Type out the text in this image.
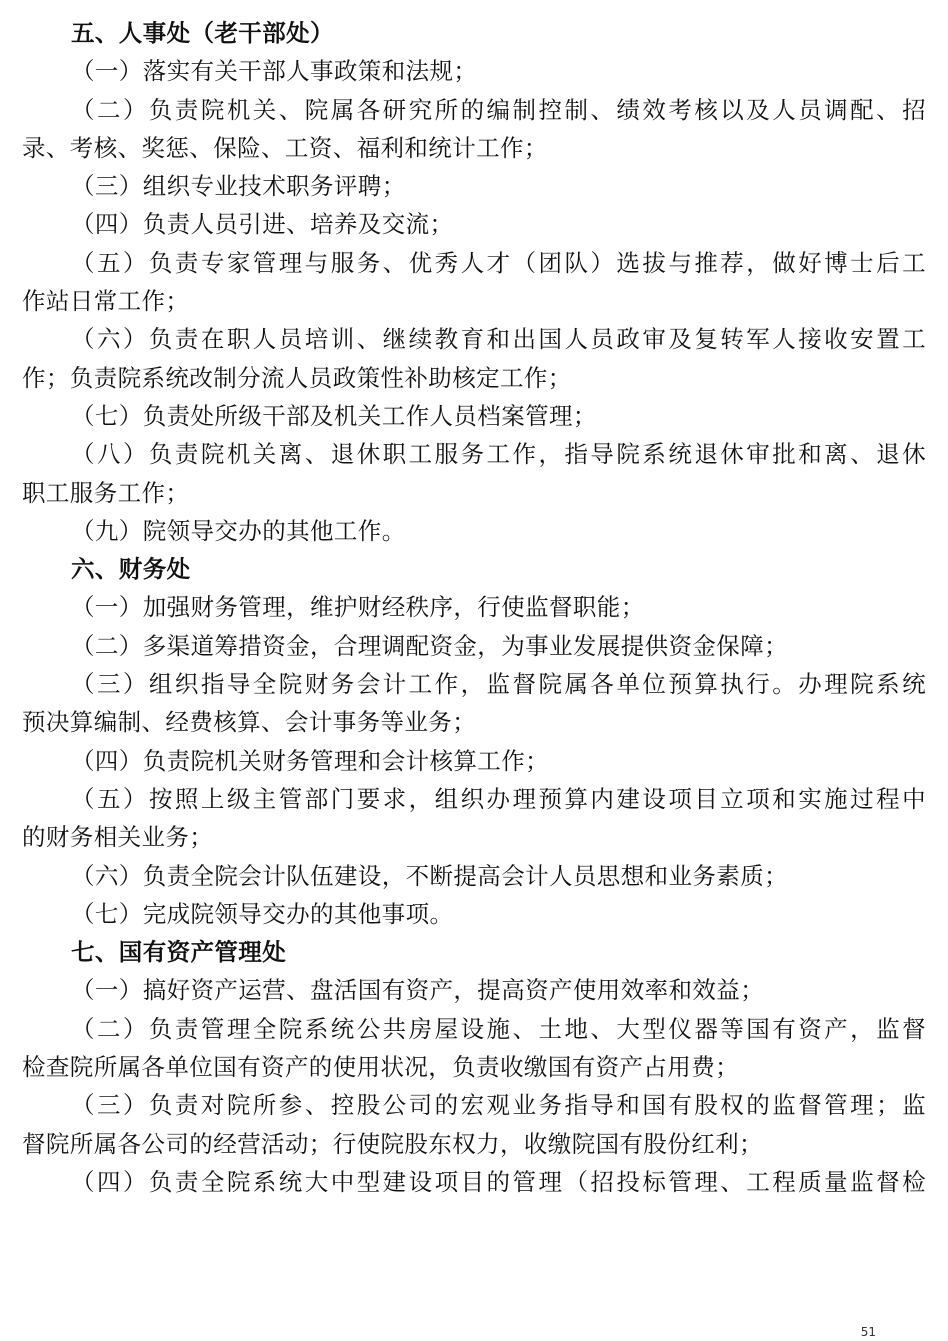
五、人事处（老干部处）
（一）落实有关干部人事政策和法规；
（二）负责院机关、院属各研究所的编制控制、绩效考核以及人员调配、招
录、考核、奖惩、保险、工资、福利和统计工作；
（三）组织专业技术职务评聘；
（四）负责人员引进、培养及交流；
（五）负责专家管理与服务、优秀人才（团队）选拔与推荐，做好博士后工
作站日常工作；
（六）负责在职人员培训、继续教育和出国人员政审及复转军人接收安置工
作；负责院系统改制分流人员政策性补助核定工作；
（七）负责处所级干部及机关工作人员档案管理；
（八）负责院机关离、退休职工服务工作，指导院系统退休审批和离、退休
职工服务工作；
（九）院领导交办的其他工作。
六、财务处
（一）加强财务管理，维护财经秩序，行使监督职能；
（二）多渠道筹措资金，合理调配资金，为事业发展提供资金保障；
（三）组织指导全院财务会计工作，监督院属各单位预算执行。办理院系统
预决算编制、经费核算、会计事务等业务；
（四）负责院机关财务管理和会计核算工作；
（五）按照上级主管部门要求，组织办理预算内建设项目立项和实施过程中
的财务相关业务；
（六）负责全院会计队伍建设，不断提高会计人员思想和业务素质；
（七）完成院领导交办的其他事项。
七、国有资产管理处
（一）搞好资产运营、盘活国有资产，提高资产使用效率和效益；
（二）负责管理全院系统公共房屋设施、土地、大型仪器等国有资产，监督
检查院所属各单位国有资产的使用状况，负责收缴国有资产占用费；
（三）负责对院所参、控股公司的宏观业务指导和国有股权的监督管理；监
督院所属各公司的经营活动；行使院股东权力，收缴院国有股份红利；
（四）负责全院系统大中型建设项目的管理（招投标管理、工程质量监督检
51
